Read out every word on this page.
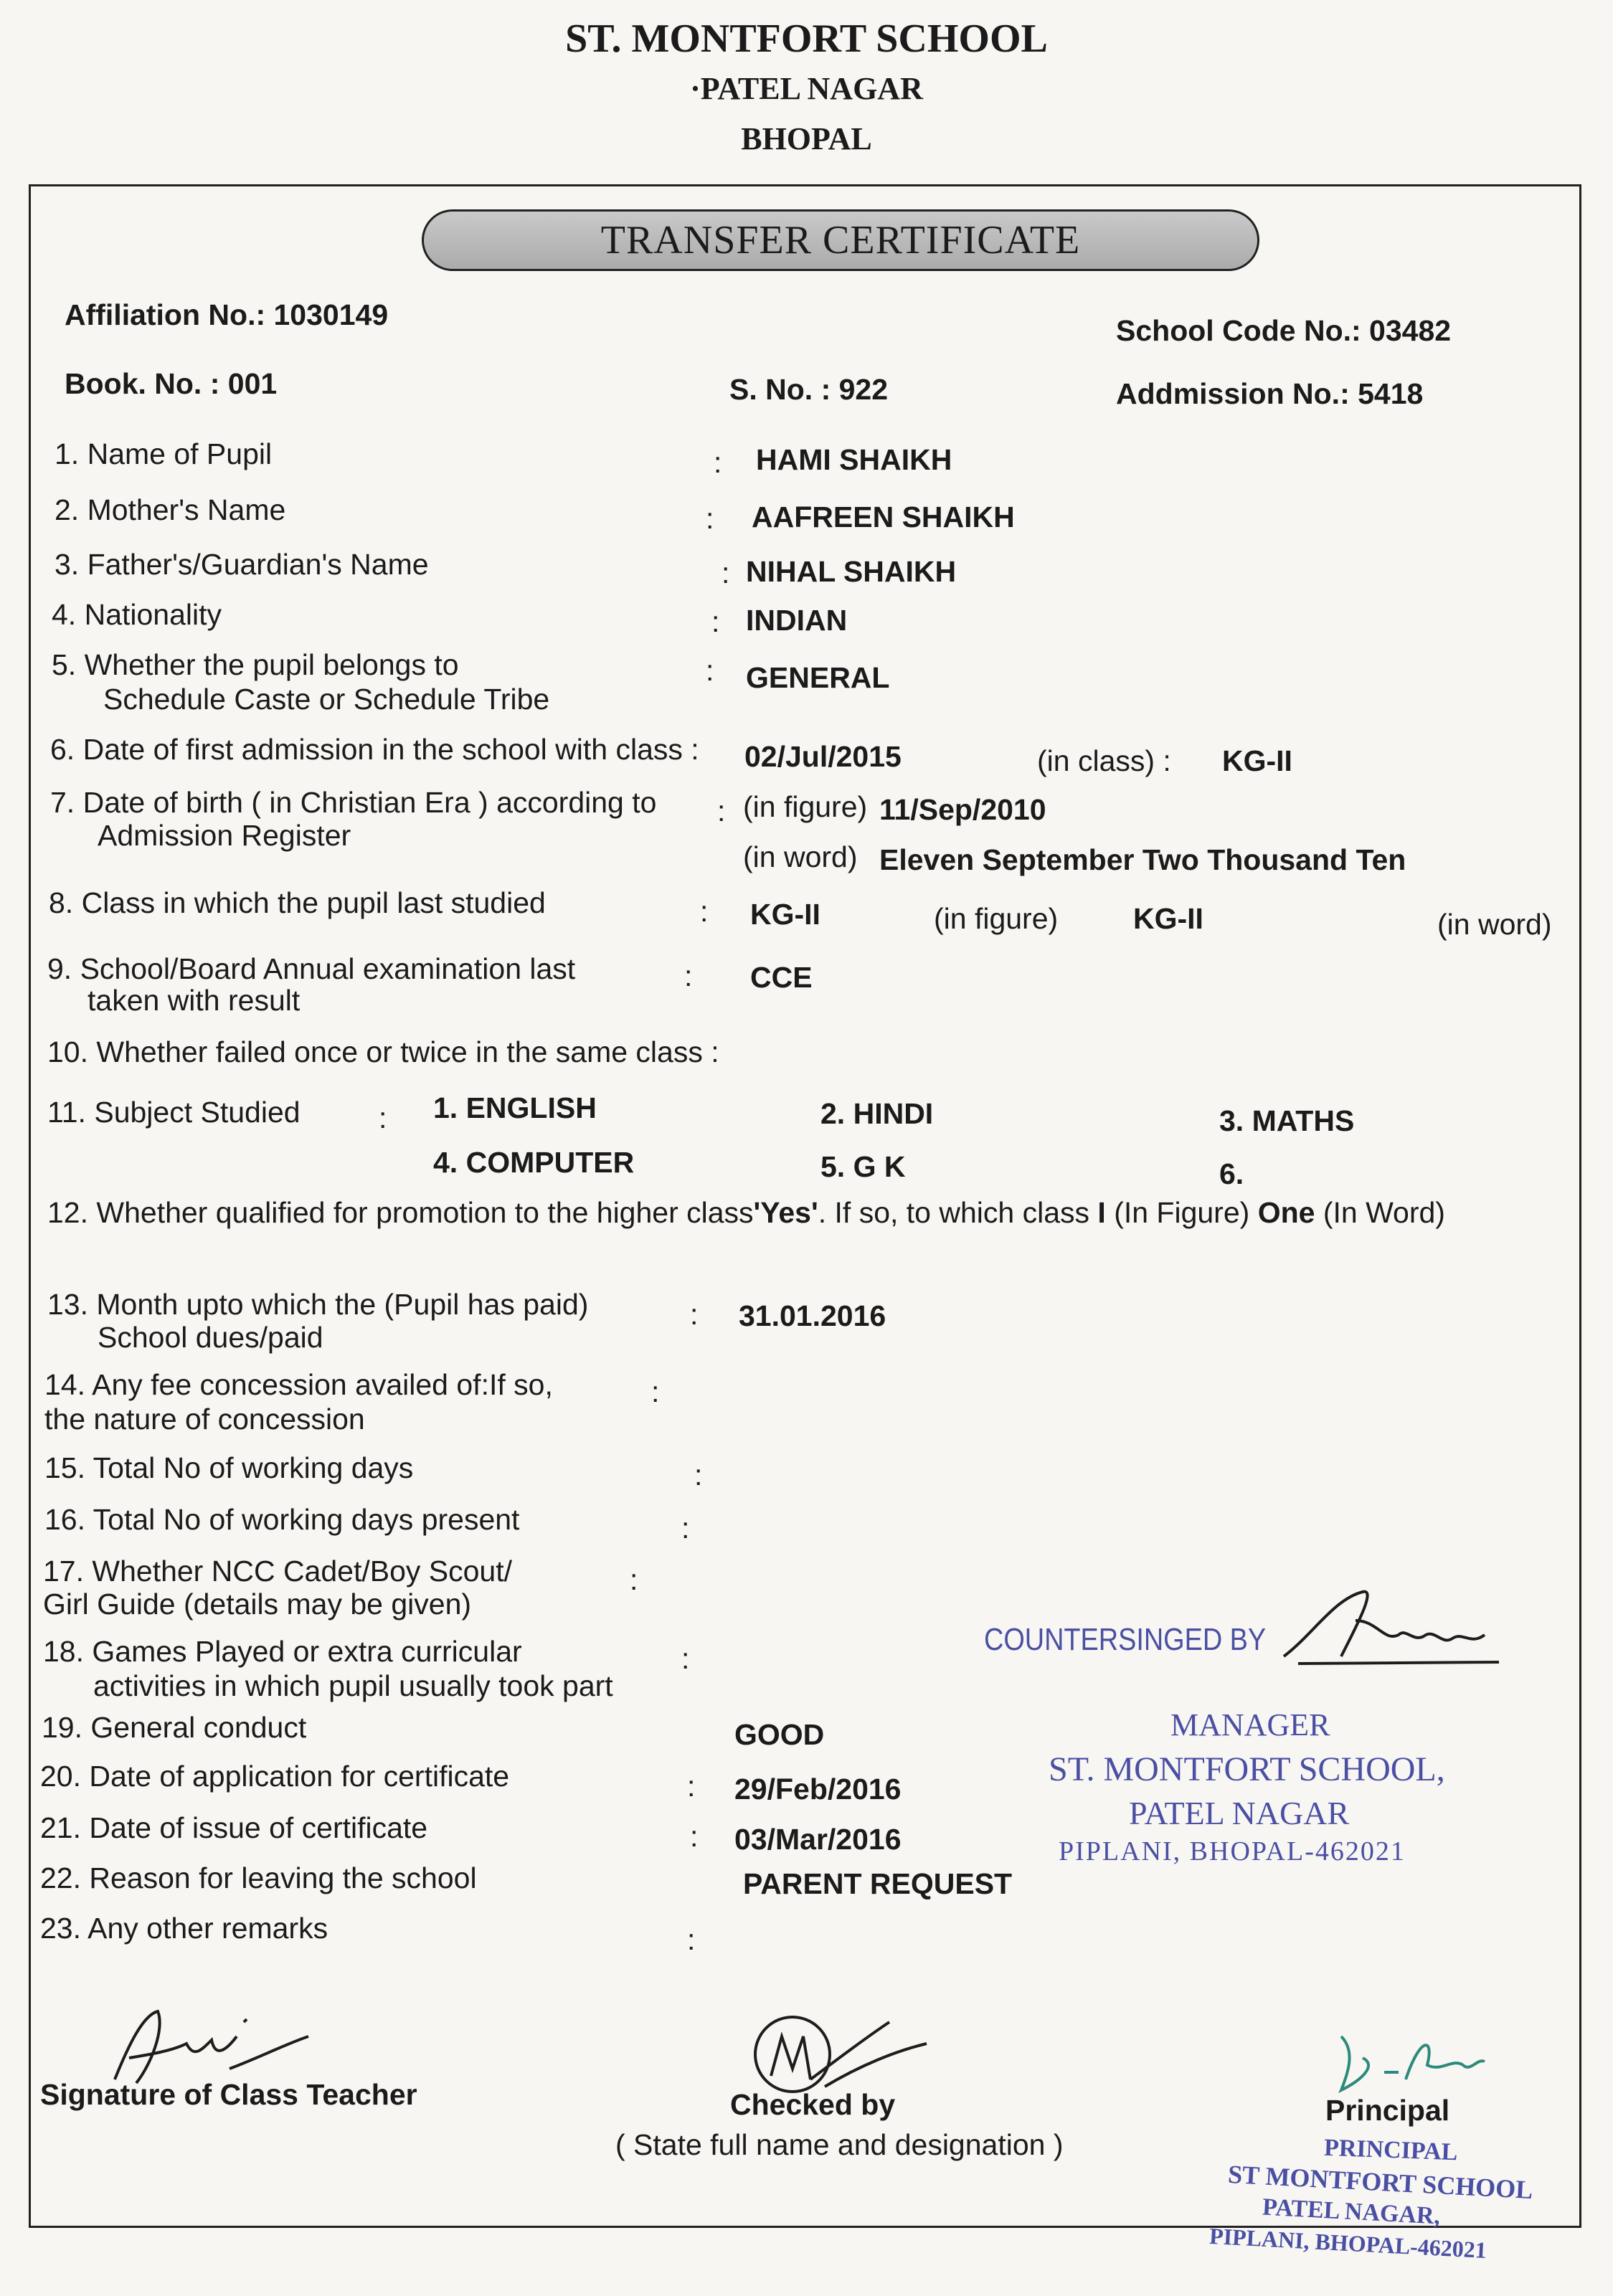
ST. MONTFORT SCHOOL
·PATEL NAGAR
BHOPAL
TRANSFER CERTIFICATE
Affiliation No.: 1030149	School Code No.: 03482
Book. No. : 001	S. No. : 922	Addmission No.: 5418
1. Name of Pupil	: HAMI SHAIKH
2. Mother's Name	: AAFREEN SHAIKH
3. Father's/Guardian's Name	: NIHAL SHAIKH
4. Nationality	: INDIAN
5. Whether the pupil belongs to
Schedule Caste or Schedule Tribe
: GENERAL
6. Date of first admission in the school with class : 02/Jul/2015	(in class) : KG-II
7. Date of birth ( in Christian Era ) according to
Admission Register
: (in figure) 11/Sep/2010
(in word) Eleven September Two Thousand Ten
8. Class in which the pupil last studied	: KG-II	(in figure)	KG-II	(in word)
9. School/Board Annual examination last
taken with result
: CCE
10. Whether failed once or twice in the same class :
11. Subject Studied	: 1. ENGLISH	2. HINDI	3. MATHS
4. COMPUTER	5. G K	6.
12. Whether qualified for promotion to the higher class'Yes'. If so, to which class I (In Figure) One (In Word)
13. Month upto which the (Pupil has paid)
School dues/paid
: 31.01.2016
14. Any fee concession availed of:If so,
the nature of concession
:
15. Total No of working days	:
16. Total No of working days present	:
17. Whether NCC Cadet/Boy Scout/
Girl Guide (details may be given)
:
18. Games Played or extra curricular
activities in which pupil usually took part
:
19. General conduct	GOOD
20. Date of application for certificate	: 29/Feb/2016
21. Date of issue of certificate	: 03/Mar/2016
22. Reason for leaving the school	PARENT REQUEST
23. Any other remarks	:
COUNTERSINGED BY
MANAGER
ST. MONTFORT SCHOOL,
PATEL NAGAR
PIPLANI, BHOPAL-462021
Signature of Class Teacher	Checked by
( State full name and designation )
Principal
PRINCIPAL
ST MONTFORT SCHOOL
PATEL NAGAR,
PIPLANI, BHOPAL-462021
